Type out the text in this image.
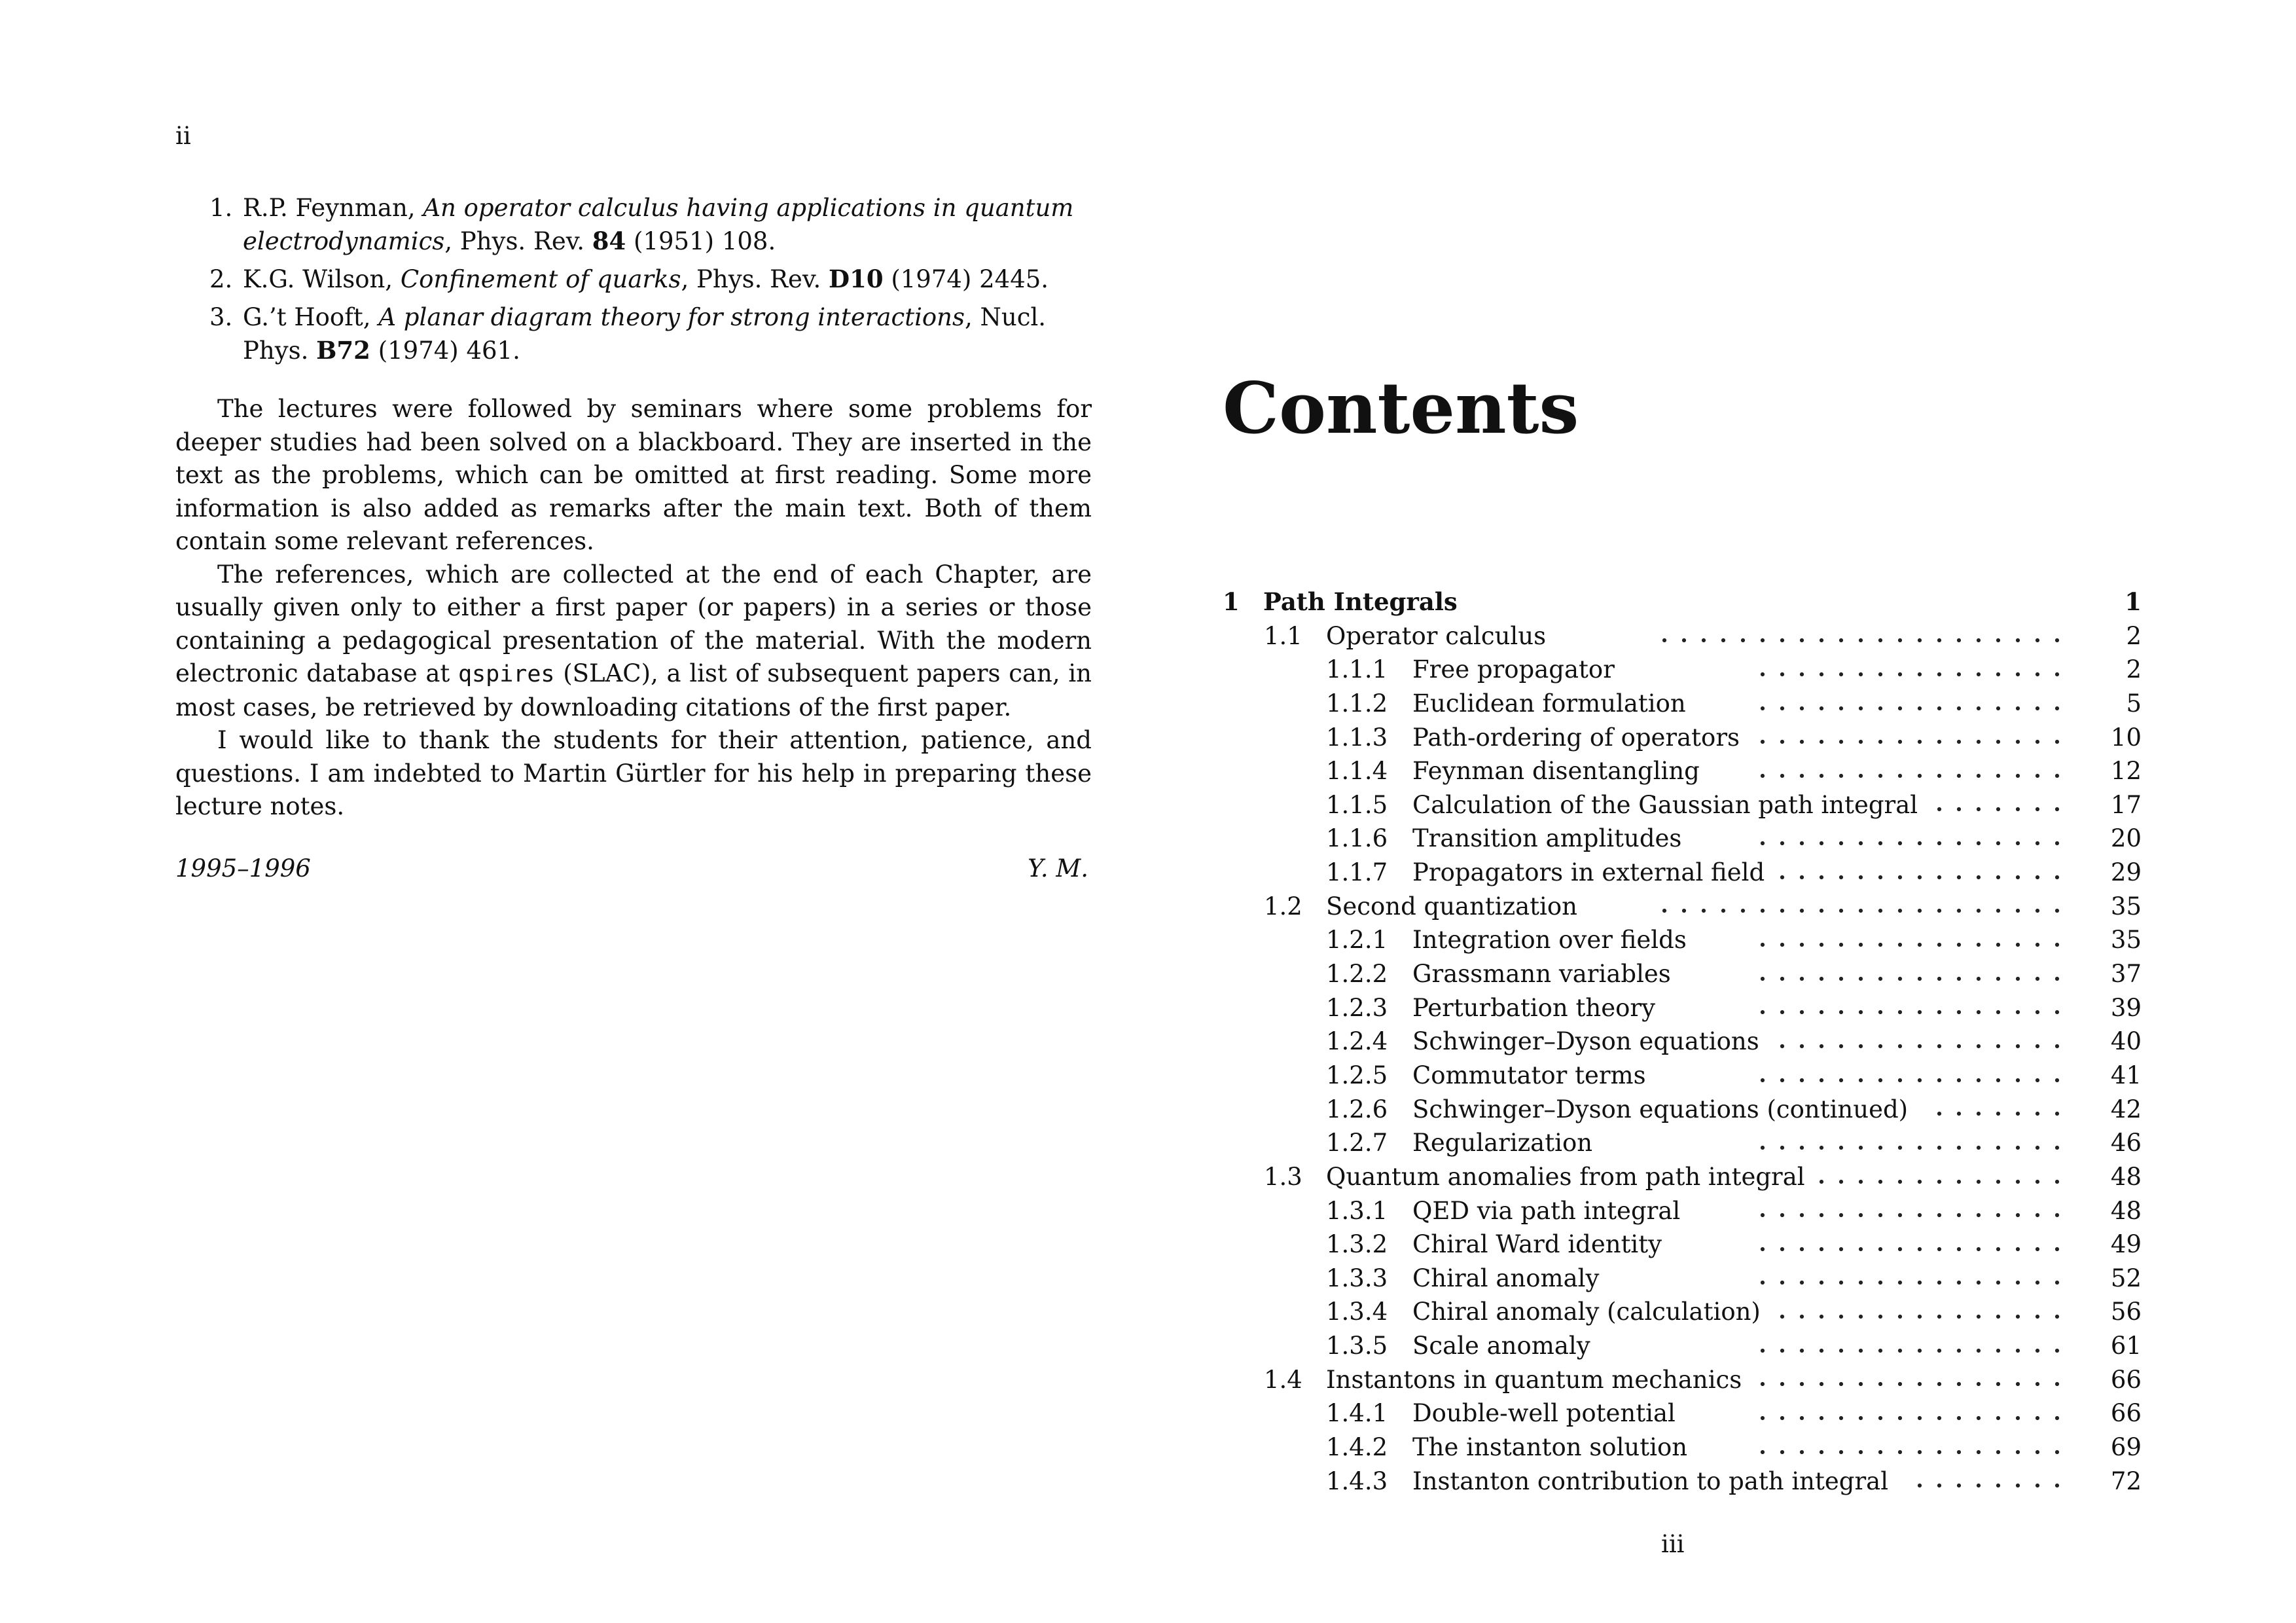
ii
1. R.P. Feynman, An operator calculus having applications in quantum electrodynamics, Phys. Rev. 84 (1951) 108.
2. K.G. Wilson, Confinement of quarks, Phys. Rev. D10 (1974) 2445.
3. G.’t Hooft, A planar diagram theory for strong interactions, Nucl. Phys. B72 (1974) 461.

The lectures were followed by seminars where some problems for deeper studies had been solved on a blackboard. They are inserted in the text as the problems, which can be omitted at first reading. Some more information is also added as remarks after the main text. Both of them contain some relevant references.

The references, which are collected at the end of each Chapter, are usually given only to either a first paper (or papers) in a series or those containing a pedagogical presentation of the material. With the modern electronic database at qspires (SLAC), a list of subsequent papers can, in most cases, be retrieved by downloading citations of the first paper.

I would like to thank the students for their attention, patience, and questions. I am indebted to Martin Gürtler for his help in preparing these lecture notes.

1995–1996	Y. M.
Contents
1 Path Integrals	1
1.1 Operator calculus	2
1.1.1 Free propagator	2
1.1.2 Euclidean formulation	5
1.1.3 Path-ordering of operators	10
1.1.4 Feynman disentangling	12
1.1.5 Calculation of the Gaussian path integral	17
1.1.6 Transition amplitudes	20
1.1.7 Propagators in external field	29
1.2 Second quantization	35
1.2.1 Integration over fields	35
1.2.2 Grassmann variables	37
1.2.3 Perturbation theory	39
1.2.4 Schwinger–Dyson equations	40
1.2.5 Commutator terms	41
1.2.6 Schwinger–Dyson equations (continued)	42
1.2.7 Regularization	46
1.3 Quantum anomalies from path integral	48
1.3.1 QED via path integral	48
1.3.2 Chiral Ward identity	49
1.3.3 Chiral anomaly	52
1.3.4 Chiral anomaly (calculation)	56
1.3.5 Scale anomaly	61
1.4 Instantons in quantum mechanics	66
1.4.1 Double-well potential	66
1.4.2 The instanton solution	69
1.4.3 Instanton contribution to path integral	72
iii
